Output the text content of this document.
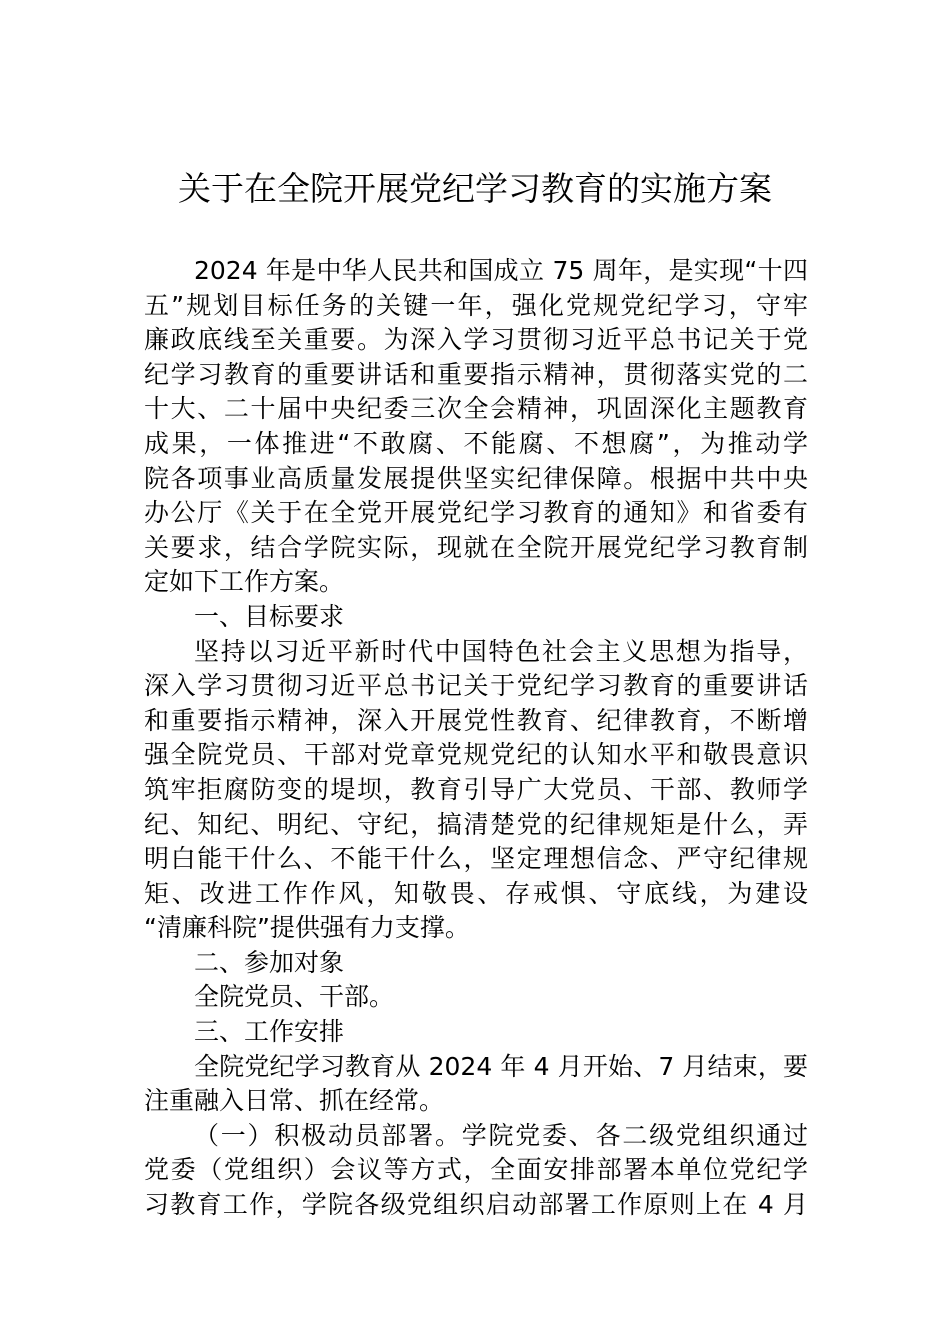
关于在全院开展党纪学习教育的实施方案
2024 年是中华人民共和国成立 75 周年，是实现“十四
五”规划目标任务的关键一年，强化党规党纪学习，守牢
廉政底线至关重要。为深入学习贯彻习近平总书记关于党
纪学习教育的重要讲话和重要指示精神，贯彻落实党的二
十大、二十届中央纪委三次全会精神，巩固深化主题教育
成果，一体推进“不敢腐、不能腐、不想腐”，为推动学
院各项事业高质量发展提供坚实纪律保障。根据中共中央
办公厅《关于在全党开展党纪学习教育的通知》和省委有
关要求，结合学院实际，现就在全院开展党纪学习教育制
定如下工作方案。
一、目标要求
坚持以习近平新时代中国特色社会主义思想为指导，
深入学习贯彻习近平总书记关于党纪学习教育的重要讲话
和重要指示精神，深入开展党性教育、纪律教育，不断增
强全院党员、干部对党章党规党纪的认知水平和敬畏意识
筑牢拒腐防变的堤坝，教育引导广大党员、干部、教师学
纪、知纪、明纪、守纪，搞清楚党的纪律规矩是什么，弄
明白能干什么、不能干什么，坚定理想信念、严守纪律规
矩、改进工作作风，知敬畏、存戒惧、守底线，为建设
“清廉科院”提供强有力支撑。
二、参加对象
全院党员、干部。
三、工作安排
全院党纪学习教育从 2024 年 4 月开始、7 月结束，要
注重融入日常、抓在经常。
（一）积极动员部署。学院党委、各二级党组织通过
党委（党组织）会议等方式，全面安排部署本单位党纪学
习教育工作，学院各级党组织启动部署工作原则上在 4 月
